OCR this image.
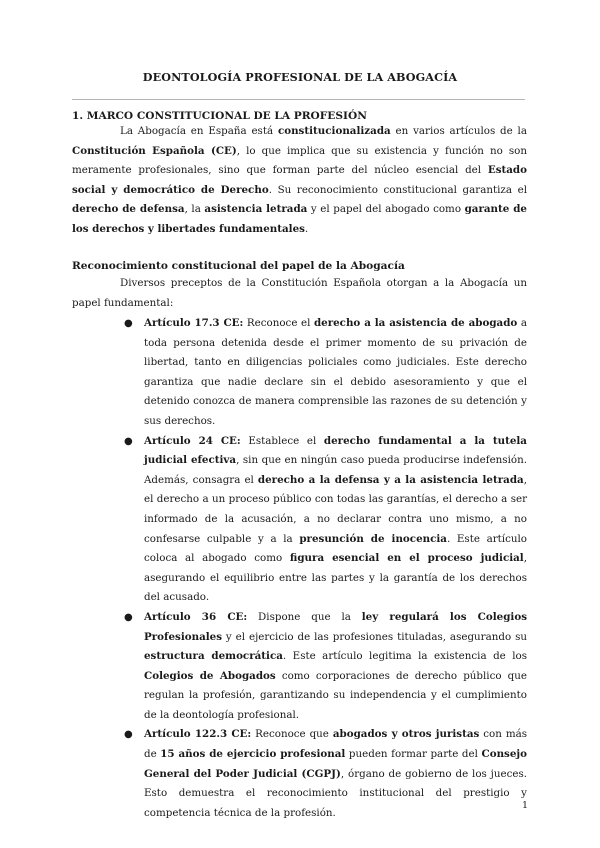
DEONTOLOGÍA PROFESIONAL DE LA ABOGACÍA
1. MARCO CONSTITUCIONAL DE LA PROFESIÓN

La Abogacía en España está constitucionalizada en varios artículos de la Constitución Española (CE), lo que implica que su existencia y función no son meramente profesionales, sino que forman parte del núcleo esencial del Estado social y democrático de Derecho. Su reconocimiento constitucional garantiza el derecho de defensa, la asistencia letrada y el papel del abogado como garante de los derechos y libertades fundamentales.

Reconocimiento constitucional del papel de la Abogacía

Diversos preceptos de la Constitución Española otorgan a la Abogacía un papel fundamental:

● Artículo 17.3 CE: Reconoce el derecho a la asistencia de abogado a toda persona detenida desde el primer momento de su privación de libertad, tanto en diligencias policiales como judiciales. Este derecho garantiza que nadie declare sin el debido asesoramiento y que el detenido conozca de manera comprensible las razones de su detención y sus derechos.
● Artículo 24 CE: Establece el derecho fundamental a la tutela judicial efectiva, sin que en ningún caso pueda producirse indefensión. Además, consagra el derecho a la defensa y a la asistencia letrada, el derecho a un proceso público con todas las garantías, el derecho a ser informado de la acusación, a no declarar contra uno mismo, a no confesarse culpable y a la presunción de inocencia. Este artículo coloca al abogado como figura esencial en el proceso judicial, asegurando el equilibrio entre las partes y la garantía de los derechos del acusado.
● Artículo 36 CE: Dispone que la ley regulará los Colegios Profesionales y el ejercicio de las profesiones tituladas, asegurando su estructura democrática. Este artículo legitima la existencia de los Colegios de Abogados como corporaciones de derecho público que regulan la profesión, garantizando su independencia y el cumplimiento de la deontología profesional.
● Artículo 122.3 CE: Reconoce que abogados y otros juristas con más de 15 años de ejercicio profesional pueden formar parte del Consejo General del Poder Judicial (CGPJ), órgano de gobierno de los jueces. Esto demuestra el reconocimiento institucional del prestigio y competencia técnica de la profesión.
1
